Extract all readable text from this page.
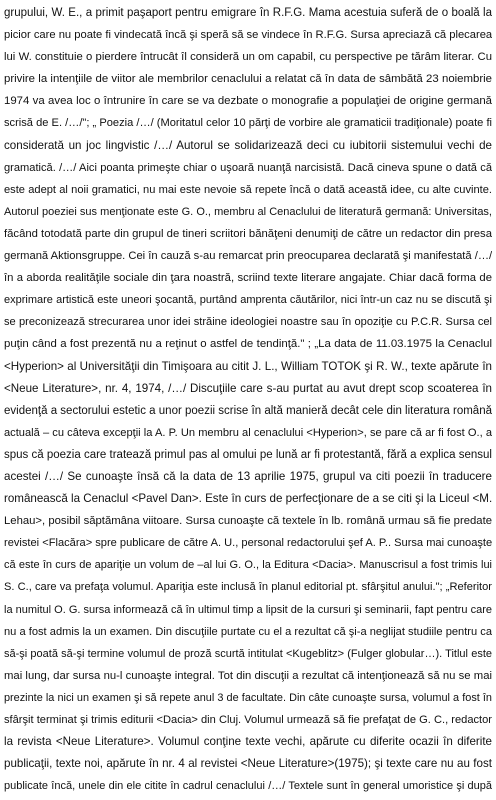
grupului, W. E., a primit paşaport pentru emigrare în R.F.G. Mama acestuia suferă de o boală la
picior care nu poate fi vindecată încă şi speră să se vindece în R.F.G. Sursa apreciază că plecarea
lui W. constituie o pierdere întrucât îl consideră un om capabil, cu perspective pe tărâm literar. Cu
privire la intenţiile de viitor ale membrilor cenaclului a relatat că în data de sâmbătă 23 noiembrie
1974 va avea loc o întrunire în care se va dezbate o monografie a populaţiei de origine germană
scrisă de E. /…/"; „ Poezia /…/ (Moritatul celor 10 părţi de vorbire ale gramaticii tradiţionale) poate fi
considerată un joc lingvistic /…/ Autorul se solidarizează deci cu iubitorii sistemului vechi de
gramatică. /…/ Aici poanta primeşte chiar o uşoară nuanţă narcisistă. Dacă cineva spune o dată că
este adept al noii gramatici, nu mai este nevoie să repete încă o dată această idee, cu alte cuvinte.
Autorul poeziei sus menţionate este G. O., membru al Cenaclului de literatură germană: Universitas,
făcând totodată parte din grupul de tineri scriitori bănăţeni denumiţi de către un redactor din presa
germană Aktionsgruppe. Cei în cauză s-au remarcat prin preocuparea declarată şi manifestată /…/
în a aborda realităţile sociale din ţara noastră, scriind texte literare angajate. Chiar dacă forma de
exprimare artistică este uneori şocantă, purtând amprenta căutărilor, nici într-un caz nu se discută şi
se preconizează strecurarea unor idei străine ideologiei noastre sau în opoziţie cu P.C.R. Sursa cel
puţin când a fost prezentă nu a reţinut o astfel de tendinţă." ; „La data de 11.03.1975 la Cenaclul
<Hyperion> al Universităţii din Timişoara au citit J. L., William TOTOK şi R. W., texte apărute în
<Neue Literature>, nr. 4, 1974, /…/ Discuţiile care s-au purtat au avut drept scop scoaterea în
evidenţă a sectorului estetic a unor poezii scrise în altă manieră decât cele din literatura română
actuală – cu câteva excepţii la A. P. Un membru al cenaclului <Hyperion>, se pare că ar fi fost O., a
spus că poezia care tratează primul pas al omului pe lună ar fi protestantă, fără a explica sensul
acestei /…/ Se cunoaşte însă că la data de 13 aprilie 1975, grupul va citi poezii în traducere
românească la Cenaclul <Pavel Dan>. Este în curs de perfecţionare de a se citi şi la Liceul <M.
Lehau>, posibil săptămâna viitoare. Sursa cunoaşte că textele în lb. română urmau să fie predate
revistei <Flacăra> spre publicare de către A. U., personal redactorului şef A. P.. Sursa mai cunoaşte
că este în curs de apariţie un volum de –al lui G. O., la Editura <Dacia>. Manuscrisul a fost trimis lui
S. C., care va prefaţa volumul. Apariţia este inclusă în planul editorial pt. sfârşitul anului."; „Referitor
la numitul O. G. sursa informează că în ultimul timp a lipsit de la cursuri şi seminarii, fapt pentru care
nu a fost admis la un examen. Din discuţiile purtate cu el a rezultat că şi-a neglijat studiile pentru ca
să-şi poată să-şi termine volumul de proză scurtă intitulat <Kugeblitz> (Fulger globular…). Titlul este
mai lung, dar sursa nu-l cunoaşte integral. Tot din discuţii a rezultat că intenţionează să nu se mai
prezinte la nici un examen şi să repete anul 3 de facultate. Din câte cunoaşte sursa, volumul a fost în
sfârşit terminat şi trimis editurii <Dacia> din Cluj. Volumul urmează să fie prefaţat de G. C., redactor
la revista <Neue Literature>. Volumul conţine texte vechi, apărute cu diferite ocazii în diferite
publicaţii, texte noi, apărute în nr. 4 al revistei <Neue Literature>(1975); şi texte care nu au fost
publicate încă, unele din ele citite în cadrul cenaclului /…/ Textele sunt în general umoristice şi după
